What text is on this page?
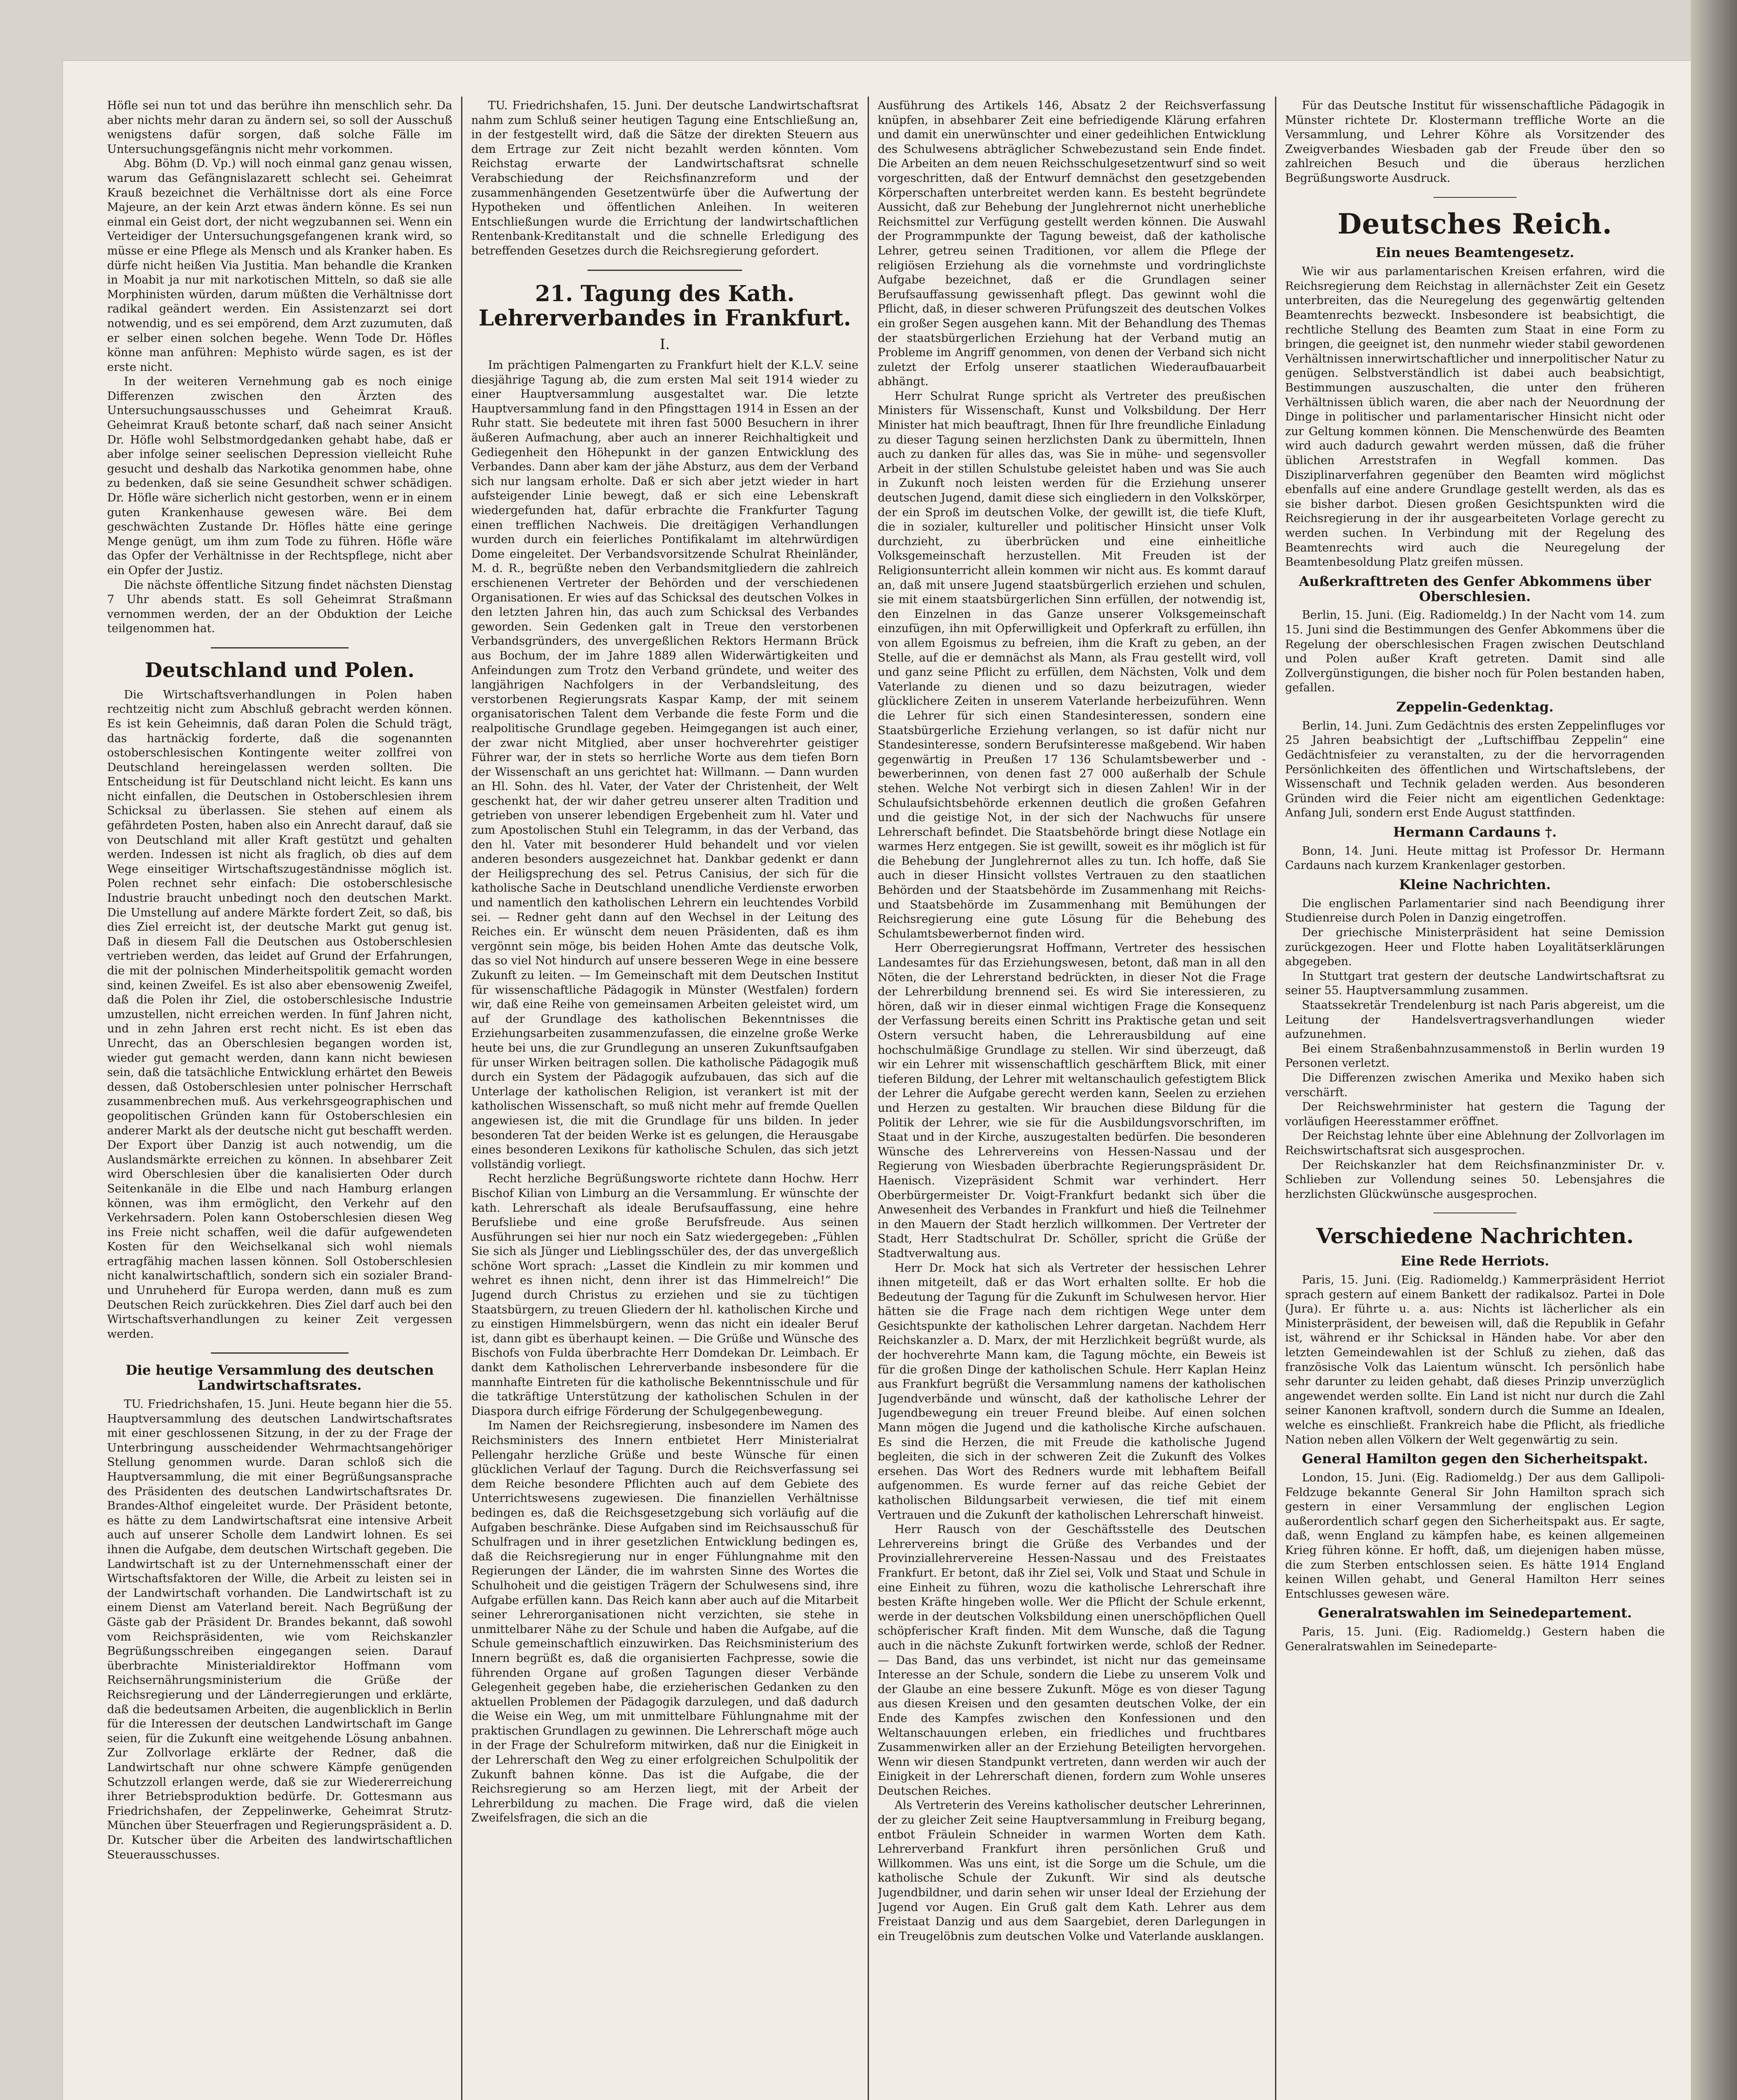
Höfle sei nun tot und das berühre ihn menschlich sehr. Da aber nichts mehr daran zu ändern sei, so soll der Ausschuß wenigstens dafür sorgen, daß solche Fälle im Untersuchungsgefängnis nicht mehr vorkommen.

Abg. Böhm (D. Vp.) will noch einmal ganz genau wissen, warum das Gefängnislazarett schlecht sei. Geheimrat Krauß bezeichnet die Verhältnisse dort als eine Force Majeure, an der kein Arzt etwas ändern könne. Es sei nun einmal ein Geist dort, der nicht wegzubannen sei. Wenn ein Verteidiger der Untersuchungsgefangenen krank wird, so müsse er eine Pflege als Mensch und als Kranker haben. Es dürfe nicht heißen Via Justitia. Man behandle die Kranken in Moabit ja nur mit narkotischen Mitteln, so daß sie alle Morphinisten würden, darum müßten die Verhältnisse dort radikal geändert werden. Ein Assistenzarzt sei dort notwendig, und es sei empörend, dem Arzt zuzumuten, daß er selber einen solchen begehe. Wenn Tode Dr. Höfles könne man anführen: Mephisto würde sagen, es ist der erste nicht.

In der weiteren Vernehmung gab es noch einige Differenzen zwischen den Ärzten des Untersuchungsausschusses und Geheimrat Krauß. Geheimrat Krauß betonte scharf, daß nach seiner Ansicht Dr. Höfle wohl Selbstmordgedanken gehabt habe, daß er aber infolge seiner seelischen Depression vielleicht Ruhe gesucht und deshalb das Narkotika genommen habe, ohne zu bedenken, daß sie seine Gesundheit schwer schädigen. Dr. Höfle wäre sicherlich nicht gestorben, wenn er in einem guten Krankenhause gewesen wäre. Bei dem geschwächten Zustande Dr. Höfles hätte eine geringe Menge genügt, um ihm zum Tode zu führen. Höfle wäre das Opfer der Verhältnisse in der Rechtspflege, nicht aber ein Opfer der Justiz.

Die nächste öffentliche Sitzung findet nächsten Dienstag 7 Uhr abends statt. Es soll Geheimrat Straßmann vernommen werden, der an der Obduktion der Leiche teilgenommen hat.

Deutschland und Polen.

Die Wirtschaftsverhandlungen in Polen haben rechtzeitig nicht zum Abschluß gebracht werden können. Es ist kein Geheimnis, daß daran Polen die Schuld trägt, das hartnäckig forderte, daß die sogenannten ostoberschlesischen Kontingente weiter zollfrei von Deutschland hereingelassen werden sollten. Die Entscheidung ist für Deutschland nicht leicht. Es kann uns nicht einfallen, die Deutschen in Ostoberschlesien ihrem Schicksal zu überlassen. Sie stehen auf einem als gefährdeten Posten, haben also ein Anrecht darauf, daß sie von Deutschland mit aller Kraft gestützt und gehalten werden. Indessen ist nicht als fraglich, ob dies auf dem Wege einseitiger Wirtschaftszugeständnisse möglich ist. Polen rechnet sehr einfach: Die ostoberschlesische Industrie braucht unbedingt noch den deutschen Markt. Die Umstellung auf andere Märkte fordert Zeit, so daß, bis dies Ziel erreicht ist, der deutsche Markt gut genug ist. Daß in diesem Fall die Deutschen aus Ostoberschlesien vertrieben werden, das leidet auf Grund der Erfahrungen, die mit der polnischen Minderheitspolitik gemacht worden sind, keinen Zweifel. Es ist also aber ebensowenig Zweifel, daß die Polen ihr Ziel, die ostoberschlesische Industrie umzustellen, nicht erreichen werden. In fünf Jahren nicht, und in zehn Jahren erst recht nicht. Es ist eben das Unrecht, das an Oberschlesien begangen worden ist, wieder gut gemacht werden, dann kann nicht bewiesen sein, daß die tatsächliche Entwicklung erhärtet den Beweis dessen, daß Ostoberschlesien unter polnischer Herrschaft zusammenbrechen muß. Aus verkehrsgeographischen und geopolitischen Gründen kann für Ostoberschlesien ein anderer Markt als der deutsche nicht gut beschafft werden. Der Export über Danzig ist auch notwendig, um die Auslandsmärkte erreichen zu können. In absehbarer Zeit wird Oberschlesien über die kanalisierten Oder durch Seitenkanäle in die Elbe und nach Hamburg erlangen können, was ihm ermöglicht, den Verkehr auf den Verkehrsadern. Polen kann Ostoberschlesien diesen Weg ins Freie nicht schaffen, weil die dafür aufgewendeten Kosten für den Weichselkanal sich wohl niemals ertragfähig machen lassen können. Soll Ostoberschlesien nicht kanalwirtschaftlich, sondern sich ein sozialer Brand- und Unruheherd für Europa werden, dann muß es zum Deutschen Reich zurückkehren. Dies Ziel darf auch bei den Wirtschaftsverhandlungen zu keiner Zeit vergessen werden.

Die heutige Versammlung des deutschen Landwirtschaftsrates.

TU. Friedrichshafen, 15. Juni. Heute begann hier die 55. Hauptversammlung des deutschen Landwirtschaftsrates mit einer geschlossenen Sitzung, in der zu der Frage der Unterbringung ausscheidender Wehrmachtsangehöriger Stellung genommen wurde. Daran schloß sich die Hauptversammlung, die mit einer Begrüßungsansprache des Präsidenten des deutschen Landwirtschaftsrates Dr. Brandes-Althof eingeleitet wurde. Der Präsident betonte, es hätte zu dem Landwirtschaftsrat eine intensive Arbeit auch auf unserer Scholle dem Landwirt lohnen. Es sei ihnen die Aufgabe, dem deutschen Wirtschaft gegeben. Die Landwirtschaft ist zu der Unternehmensschaft einer der Wirtschaftsfaktoren der Wille, die Arbeit zu leisten sei in der Landwirtschaft vorhanden. Die Landwirtschaft ist zu einem Dienst am Vaterland bereit. Nach Begrüßung der Gäste gab der Präsident Dr. Brandes bekannt, daß sowohl vom Reichspräsidenten, wie vom Reichskanzler Begrüßungsschreiben eingegangen seien. Darauf überbrachte Ministerialdirektor Hoffmann vom Reichsernährungsministerium die Grüße der Reichsregierung und der Länderregierungen und erklärte, daß die bedeutsamen Arbeiten, die augenblicklich in Berlin für die Interessen der deutschen Landwirtschaft im Gange seien, für die Zukunft eine weitgehende Lösung anbahnen. Zur Zollvorlage erklärte der Redner, daß die Landwirtschaft nur ohne schwere Kämpfe genügenden Schutzzoll erlangen werde, daß sie zur Wiedererreichung ihrer Betriebsproduktion bedürfe. Dr. Gottesmann aus Friedrichshafen, der Zeppelinwerke, Geheimrat Strutz-München über Steuerfragen und Regierungspräsident a. D. Dr. Kutscher über die Arbeiten des landwirtschaftlichen Steuerausschusses.

TU. Friedrichshafen, 15. Juni. Der deutsche Landwirtschaftsrat nahm zum Schluß seiner heutigen Tagung eine Entschließung an, in der festgestellt wird, daß die Sätze der direkten Steuern aus dem Ertrage zur Zeit nicht bezahlt werden könnten. Vom Reichstag erwarte der Landwirtschaftsrat schnelle Verabschiedung der Reichsfinanzreform und der zusammenhängenden Gesetzentwürfe über die Aufwertung der Hypotheken und öffentlichen Anleihen. In weiteren Entschließungen wurde die Errichtung der landwirtschaftlichen Rentenbank-Kreditanstalt und die schnelle Erledigung des betreffenden Gesetzes durch die Reichsregierung gefordert.

21. Tagung des Kath. Lehrerverbandes in Frankfurt.
I.

Im prächtigen Palmengarten zu Frankfurt hielt der K.L.V. seine diesjährige Tagung ab, die zum ersten Mal seit 1914 wieder zu einer Hauptversammlung ausgestaltet war. Die letzte Hauptversammlung fand in den Pfingsttagen 1914 in Essen an der Ruhr statt. Sie bedeutete mit ihren fast 5000 Besuchern in ihrer äußeren Aufmachung, aber auch an innerer Reichhaltigkeit und Gediegenheit den Höhepunkt in der ganzen Entwicklung des Verbandes. Dann aber kam der jähe Absturz, aus dem der Verband sich nur langsam erholte. Daß er sich aber jetzt wieder in hart aufsteigender Linie bewegt, daß er sich eine Lebenskraft wiedergefunden hat, dafür erbrachte die Frankfurter Tagung einen trefflichen Nachweis. Die dreitägigen Verhandlungen wurden durch ein feierliches Pontifikalamt im altehrwürdigen Dome eingeleitet. Der Verbandsvorsitzende Schulrat Rheinländer, M. d. R., begrüßte neben den Verbandsmitgliedern die zahlreich erschienenen Vertreter der Behörden und der verschiedenen Organisationen. Er wies auf das Schicksal des deutschen Volkes in den letzten Jahren hin, das auch zum Schicksal des Verbandes geworden. Sein Gedenken galt in Treue den verstorbenen Verbandsgründers, des unvergeßlichen Rektors Hermann Brück aus Bochum, der im Jahre 1889 allen Widerwärtigkeiten und Anfeindungen zum Trotz den Verband gründete, und weiter des langjährigen Nachfolgers in der Verbandsleitung, des verstorbenen Regierungsrats Kaspar Kamp, der mit seinem organisatorischen Talent dem Verbande die feste Form und die realpolitische Grundlage gegeben. Heimgegangen ist auch einer, der zwar nicht Mitglied, aber unser hochverehrter geistiger Führer war, der in stets so herrliche Worte aus dem tiefen Born der Wissenschaft an uns gerichtet hat: Willmann. — Dann wurden an Hl. Sohn. des hl. Vater, der Vater der Christenheit, der Welt geschenkt hat, der wir daher getreu unserer alten Tradition und getrieben von unserer lebendigen Ergebenheit zum hl. Vater und zum Apostolischen Stuhl ein Telegramm, in das der Verband, das den hl. Vater mit besonderer Huld behandelt und vor vielen anderen besonders ausgezeichnet hat. Dankbar gedenkt er dann der Heiligsprechung des sel. Petrus Canisius, der sich für die katholische Sache in Deutschland unendliche Verdienste erworben und namentlich den katholischen Lehrern ein leuchtendes Vorbild sei. — Redner geht dann auf den Wechsel in der Leitung des Reiches ein. Er wünscht dem neuen Präsidenten, daß es ihm vergönnt sein möge, bis beiden Hohen Amte das deutsche Volk, das so viel Not hindurch auf unsere besseren Wege in eine bessere Zukunft zu leiten. — Im Gemeinschaft mit dem Deutschen Institut für wissenschaftliche Pädagogik in Münster (Westfalen) fordern wir, daß eine Reihe von gemeinsamen Arbeiten geleistet wird, um auf der Grundlage des katholischen Bekenntnisses die Erziehungsarbeiten zusammenzufassen, die einzelne große Werke heute bei uns, die zur Grundlegung an unseren Zukunftsaufgaben für unser Wirken beitragen sollen. Die katholische Pädagogik muß durch ein System der Pädagogik aufzubauen, das sich auf die Unterlage der katholischen Religion, ist verankert ist mit der katholischen Wissenschaft, so muß nicht mehr auf fremde Quellen angewiesen ist, die mit die Grundlage für uns bilden. In jeder besonderen Tat der beiden Werke ist es gelungen, die Herausgabe eines besonderen Lexikons für katholische Schulen, das sich jetzt vollständig vorliegt.

Recht herzliche Begrüßungsworte richtete dann Hochw. Herr Bischof Kilian von Limburg an die Versammlung. Er wünschte der kath. Lehrerschaft als ideale Berufsauffassung, eine hehre Berufsliebe und eine große Berufsfreude. Aus seinen Ausführungen sei hier nur noch ein Satz wiedergegeben: „Fühlen Sie sich als Jünger und Lieblingsschüler des, der das unvergeßlich schöne Wort sprach: „Lasset die Kindlein zu mir kommen und wehret es ihnen nicht, denn ihrer ist das Himmelreich!“ Die Jugend durch Christus zu erziehen und sie zu tüchtigen Staatsbürgern, zu treuen Gliedern der hl. katholischen Kirche und zu einstigen Himmelsbürgern, wenn das nicht ein idealer Beruf ist, dann gibt es überhaupt keinen. — Die Grüße und Wünsche des Bischofs von Fulda überbrachte Herr Domdekan Dr. Leimbach. Er dankt dem Katholischen Lehrerverbande insbesondere für die mannhafte Eintreten für die katholische Bekenntnisschule und für die tatkräftige Unterstützung der katholischen Schulen in der Diaspora durch eifrige Förderung der Schulgegenbewegung.

Im Namen der Reichsregierung, insbesondere im Namen des Reichsministers des Innern entbietet Herr Ministerialrat Pellengahr herzliche Grüße und beste Wünsche für einen glücklichen Verlauf der Tagung. Durch die Reichsverfassung sei dem Reiche besondere Pflichten auch auf dem Gebiete des Unterrichtswesens zugewiesen. Die finanziellen Verhältnisse bedingen es, daß die Reichsgesetzgebung sich vorläufig auf die Aufgaben beschränke. Diese Aufgaben sind im Reichsausschuß für Schulfragen und in ihrer gesetzlichen Entwicklung bedingen es, daß die Reichsregierung nur in enger Fühlungnahme mit den Regierungen der Länder, die im wahrsten Sinne des Wortes die Schulhoheit und die geistigen Trägern der Schulwesens sind, ihre Aufgabe erfüllen kann. Das Reich kann aber auch auf die Mitarbeit seiner Lehrerorganisationen nicht verzichten, sie stehe in unmittelbarer Nähe zu der Schule und haben die Aufgabe, auf die Schule gemeinschaftlich einzuwirken. Das Reichsministerium des Innern begrüßt es, daß die organisierten Fachpresse, sowie die führenden Organe auf großen Tagungen dieser Verbände Gelegenheit gegeben habe, die erzieherischen Gedanken zu den aktuellen Problemen der Pädagogik darzulegen, und daß dadurch die Weise ein Weg, um mit unmittelbare Fühlungnahme mit der praktischen Grundlagen zu gewinnen. Die Lehrerschaft möge auch in der Frage der Schulreform mitwirken, daß nur die Einigkeit in der Lehrerschaft den Weg zu einer erfolgreichen Schulpolitik der Zukunft bahnen könne. Das ist die Aufgabe, die der Reichsregierung so am Herzen liegt, mit der Arbeit der Lehrerbildung zu machen. Die Frage wird, daß die vielen Zweifelsfragen, die sich an die

Ausführung des Artikels 146, Absatz 2 der Reichsverfassung knüpfen, in absehbarer Zeit eine befriedigende Klärung erfahren und damit ein unerwünschter und einer gedeihlichen Entwicklung des Schulwesens abträglicher Schwebezustand sein Ende findet. Die Arbeiten an dem neuen Reichsschulgesetzentwurf sind so weit vorgeschritten, daß der Entwurf demnächst den gesetzgebenden Körperschaften unterbreitet werden kann. Es besteht begründete Aussicht, daß zur Behebung der Junglehrernot nicht unerhebliche Reichsmittel zur Verfügung gestellt werden können. Die Auswahl der Programmpunkte der Tagung beweist, daß der katholische Lehrer, getreu seinen Traditionen, vor allem die Pflege der religiösen Erziehung als die vornehmste und vordringlichste Aufgabe bezeichnet, daß er die Grundlagen seiner Berufsauffassung gewissenhaft pflegt. Das gewinnt wohl die Pflicht, daß, in dieser schweren Prüfungszeit des deutschen Volkes ein großer Segen ausgehen kann. Mit der Behandlung des Themas der staatsbürgerlichen Erziehung hat der Verband mutig an Probleme im Angriff genommen, von denen der Verband sich nicht zuletzt der Erfolg unserer staatlichen Wiederaufbauarbeit abhängt.

Herr Schulrat Runge spricht als Vertreter des preußischen Ministers für Wissenschaft, Kunst und Volksbildung. Der Herr Minister hat mich beauftragt, Ihnen für Ihre freundliche Einladung zu dieser Tagung seinen herzlichsten Dank zu übermitteln, Ihnen auch zu danken für alles das, was Sie in mühe- und segensvoller Arbeit in der stillen Schulstube geleistet haben und was Sie auch in Zukunft noch leisten werden für die Erziehung unserer deutschen Jugend, damit diese sich eingliedern in den Volkskörper, der ein Sproß im deutschen Volke, der gewillt ist, die tiefe Kluft, die in sozialer, kultureller und politischer Hinsicht unser Volk durchzieht, zu überbrücken und eine einheitliche Volksgemeinschaft herzustellen. Mit Freuden ist der Religionsunterricht allein kommen wir nicht aus. Es kommt darauf an, daß mit unsere Jugend staatsbürgerlich erziehen und schulen, sie mit einem staatsbürgerlichen Sinn erfüllen, der notwendig ist, den Einzelnen in das Ganze unserer Volksgemeinschaft einzufügen, ihn mit Opferwilligkeit und Opferkraft zu erfüllen, ihn von allem Egoismus zu befreien, ihm die Kraft zu geben, an der Stelle, auf die er demnächst als Mann, als Frau gestellt wird, voll und ganz seine Pflicht zu erfüllen, dem Nächsten, Volk und dem Vaterlande zu dienen und so dazu beizutragen, wieder glücklichere Zeiten in unserem Vaterlande herbeizuführen. Wenn die Lehrer für sich einen Standesinteressen, sondern eine Staatsbürgerliche Erziehung verlangen, so ist dafür nicht nur Standesinteresse, sondern Berufsinteresse maßgebend. Wir haben gegenwärtig in Preußen 17 136 Schulamtsbewerber und -bewerberinnen, von denen fast 27 000 außerhalb der Schule stehen. Welche Not verbirgt sich in diesen Zahlen! Wir in der Schulaufsichtsbehörde erkennen deutlich die großen Gefahren und die geistige Not, in der sich der Nachwuchs für unsere Lehrerschaft befindet. Die Staatsbehörde bringt diese Notlage ein warmes Herz entgegen. Sie ist gewillt, soweit es ihr möglich ist für die Behebung der Junglehrernot alles zu tun. Ich hoffe, daß Sie auch in dieser Hinsicht vollstes Vertrauen zu den staatlichen Behörden und der Staatsbehörde im Zusammenhang mit Reichs- und Staatsbehörde im Zusammenhang mit Bemühungen der Reichsregierung eine gute Lösung für die Behebung des Schulamtsbewerbernot finden wird.

Herr Oberregierungsrat Hoffmann, Vertreter des hessischen Landesamtes für das Erziehungswesen, betont, daß man in all den Nöten, die der Lehrerstand bedrückten, in dieser Not die Frage der Lehrerbildung brennend sei. Es wird Sie interessieren, zu hören, daß wir in dieser einmal wichtigen Frage die Konsequenz der Verfassung bereits einen Schritt ins Praktische getan und seit Ostern versucht haben, die Lehrerausbildung auf eine hochschulmäßige Grundlage zu stellen. Wir sind überzeugt, daß wir ein Lehrer mit wissenschaftlich geschärftem Blick, mit einer tieferen Bildung, der Lehrer mit weltanschaulich gefestigtem Blick der Lehrer die Aufgabe gerecht werden kann, Seelen zu erziehen und Herzen zu gestalten. Wir brauchen diese Bildung für die Politik der Lehrer, wie sie für die Ausbildungsvorschriften, im Staat und in der Kirche, auszugestalten bedürfen. Die besonderen Wünsche des Lehrervereins von Hessen-Nassau und der Regierung von Wiesbaden überbrachte Regierungspräsident Dr. Haenisch. Vizepräsident Schmit war verhindert. Herr Oberbürgermeister Dr. Voigt-Frankfurt bedankt sich über die Anwesenheit des Verbandes in Frankfurt und hieß die Teilnehmer in den Mauern der Stadt herzlich willkommen. Der Vertreter der Stadt, Herr Stadtschulrat Dr. Schöller, spricht die Grüße der Stadtverwaltung aus.

Herr Dr. Mock hat sich als Vertreter der hessischen Lehrer ihnen mitgeteilt, daß er das Wort erhalten sollte. Er hob die Bedeutung der Tagung für die Zukunft im Schulwesen hervor. Hier hätten sie die Frage nach dem richtigen Wege unter dem Gesichtspunkte der katholischen Lehrer dargetan. Nachdem Herr Reichskanzler a. D. Marx, der mit Herzlichkeit begrüßt wurde, als der hochverehrte Mann kam, die Tagung möchte, ein Beweis ist für die großen Dinge der katholischen Schule. Herr Kaplan Heinz aus Frankfurt begrüßt die Versammlung namens der katholischen Jugendverbände und wünscht, daß der katholische Lehrer der Jugendbewegung ein treuer Freund bleibe. Auf einen solchen Mann mögen die Jugend und die katholische Kirche aufschauen. Es sind die Herzen, die mit Freude die katholische Jugend begleiten, die sich in der schweren Zeit die Zukunft des Volkes ersehen. Das Wort des Redners wurde mit lebhaftem Beifall aufgenommen. Es wurde ferner auf das reiche Gebiet der katholischen Bildungsarbeit verwiesen, die tief mit einem Vertrauen und die Zukunft der katholischen Lehrerschaft hinweist.

Herr Rausch von der Geschäftsstelle des Deutschen Lehrervereins bringt die Grüße des Verbandes und der Provinziallehrervereine Hessen-Nassau und des Freistaates Frankfurt. Er betont, daß ihr Ziel sei, Volk und Staat und Schule in eine Einheit zu führen, wozu die katholische Lehrerschaft ihre besten Kräfte hingeben wolle. Wer die Pflicht der Schule erkennt, werde in der deutschen Volksbildung einen unerschöpflichen Quell schöpferischer Kraft finden. Mit dem Wunsche, daß die Tagung auch in die nächste Zukunft fortwirken werde, schloß der Redner. — Das Band, das uns verbindet, ist nicht nur das gemeinsame Interesse an der Schule, sondern die Liebe zu unserem Volk und der Glaube an eine bessere Zukunft. Möge es von dieser Tagung aus diesen Kreisen und den gesamten deutschen Volke, der ein Ende des Kampfes zwischen den Konfessionen und den Weltanschauungen erleben, ein friedliches und fruchtbares Zusammenwirken aller an der Erziehung Beteiligten hervorgehen. Wenn wir diesen Standpunkt vertreten, dann werden wir auch der Einigkeit in der Lehrerschaft dienen, fordern zum Wohle unseres Deutschen Reiches.

Als Vertreterin des Vereins katholischer deutscher Lehrerinnen, der zu gleicher Zeit seine Hauptversammlung in Freiburg begang, entbot Fräulein Schneider in warmen Worten dem Kath. Lehrerverband Frankfurt ihren persönlichen Gruß und Willkommen. Was uns eint, ist die Sorge um die Schule, um die katholische Schule der Zukunft. Wir sind als deutsche Jugendbildner, und darin sehen wir unser Ideal der Erziehung der Jugend vor Augen. Ein Gruß galt dem Kath. Lehrer aus dem Freistaat Danzig und aus dem Saargebiet, deren Darlegungen in ein Treugelöbnis zum deutschen Volke und Vaterlande ausklangen.

Für das Deutsche Institut für wissenschaftliche Pädagogik in Münster richtete Dr. Klostermann treffliche Worte an die Versammlung, und Lehrer Köhre als Vorsitzender des Zweigverbandes Wiesbaden gab der Freude über den so zahlreichen Besuch und die überaus herzlichen Begrüßungsworte Ausdruck.

Deutsches Reich.
Ein neues Beamtengesetz.

Wie wir aus parlamentarischen Kreisen erfahren, wird die Reichsregierung dem Reichstag in allernächster Zeit ein Gesetz unterbreiten, das die Neuregelung des gegenwärtig geltenden Beamtenrechts bezweckt. Insbesondere ist beabsichtigt, die rechtliche Stellung des Beamten zum Staat in eine Form zu bringen, die geeignet ist, den nunmehr wieder stabil gewordenen Verhältnissen innerwirtschaftlicher und innerpolitischer Natur zu genügen. Selbstverständlich ist dabei auch beabsichtigt, Bestimmungen auszuschalten, die unter den früheren Verhältnissen üblich waren, die aber nach der Neuordnung der Dinge in politischer und parlamentarischer Hinsicht nicht oder zur Geltung kommen können. Die Menschenwürde des Beamten wird auch dadurch gewahrt werden müssen, daß die früher üblichen Arreststrafen in Wegfall kommen. Das Disziplinarverfahren gegenüber den Beamten wird möglichst ebenfalls auf eine andere Grundlage gestellt werden, als das es sie bisher darbot. Diesen großen Gesichtspunkten wird die Reichsregierung in der ihr ausgearbeiteten Vorlage gerecht zu werden suchen. In Verbindung mit der Regelung des Beamtenrechts wird auch die Neuregelung der Beamtenbesoldung Platz greifen müssen.

Außerkrafttreten des Genfer Abkommens über Oberschlesien.

Berlin, 15. Juni. (Eig. Radiomeldg.) In der Nacht vom 14. zum 15. Juni sind die Bestimmungen des Genfer Abkommens über die Regelung der oberschlesischen Fragen zwischen Deutschland und Polen außer Kraft getreten. Damit sind alle Zollvergünstigungen, die bisher noch für Polen bestanden haben, gefallen.

Zeppelin-Gedenktag.

Berlin, 14. Juni. Zum Gedächtnis des ersten Zeppelinfluges vor 25 Jahren beabsichtigt der „Luftschiffbau Zeppelin“ eine Gedächtnisfeier zu veranstalten, zu der die hervorragenden Persönlichkeiten des öffentlichen und Wirtschaftslebens, der Wissenschaft und Technik geladen werden. Aus besonderen Gründen wird die Feier nicht am eigentlichen Gedenktage: Anfang Juli, sondern erst Ende August stattfinden.

Hermann Cardauns †.

Bonn, 14. Juni. Heute mittag ist Professor Dr. Hermann Cardauns nach kurzem Krankenlager gestorben.

Kleine Nachrichten.

Die englischen Parlamentarier sind nach Beendigung ihrer Studienreise durch Polen in Danzig eingetroffen.

Der griechische Ministerpräsident hat seine Demission zurückgezogen. Heer und Flotte haben Loyalitätserklärungen abgegeben.

In Stuttgart trat gestern der deutsche Landwirtschaftsrat zu seiner 55. Hauptversammlung zusammen.

Staatssekretär Trendelenburg ist nach Paris abgereist, um die Leitung der Handelsvertragsverhandlungen wieder aufzunehmen.

Bei einem Straßenbahnzusammenstoß in Berlin wurden 19 Personen verletzt.

Die Differenzen zwischen Amerika und Mexiko haben sich verschärft.

Der Reichswehrminister hat gestern die Tagung der vorläufigen Heeresstammer eröffnet.

Der Reichstag lehnte über eine Ablehnung der Zollvorlagen im Reichswirtschaftsrat sich ausgesprochen.

Der Reichskanzler hat dem Reichsfinanzminister Dr. v. Schlieben zur Vollendung seines 50. Lebensjahres die herzlichsten Glückwünsche ausgesprochen.

Verschiedene Nachrichten.
Eine Rede Herriots.

Paris, 15. Juni. (Eig. Radiomeldg.) Kammerpräsident Herriot sprach gestern auf einem Bankett der radikalsoz. Partei in Dole (Jura). Er führte u. a. aus: Nichts ist lächerlicher als ein Ministerpräsident, der beweisen will, daß die Republik in Gefahr ist, während er ihr Schicksal in Händen habe. Vor aber den letzten Gemeindewahlen ist der Schluß zu ziehen, daß das französische Volk das Laientum wünscht. Ich persönlich habe sehr darunter zu leiden gehabt, daß dieses Prinzip unverzüglich angewendet werden sollte. Ein Land ist nicht nur durch die Zahl seiner Kanonen kraftvoll, sondern durch die Summe an Idealen, welche es einschließt. Frankreich habe die Pflicht, als friedliche Nation neben allen Völkern der Welt gegenwärtig zu sein.

General Hamilton gegen den Sicherheitspakt.

London, 15. Juni. (Eig. Radiomeldg.) Der aus dem Gallipoli-Feldzuge bekannte General Sir John Hamilton sprach sich gestern in einer Versammlung der englischen Legion außerordentlich scharf gegen den Sicherheitspakt aus. Er sagte, daß, wenn England zu kämpfen habe, es keinen allgemeinen Krieg führen könne. Er hofft, daß, um diejenigen haben müsse, die zum Sterben entschlossen seien. Es hätte 1914 England keinen Willen gehabt, und General Hamilton Herr seines Entschlusses gewesen wäre.

Generalratswahlen im Seinedepartement.

Paris, 15. Juni. (Eig. Radiomeldg.) Gestern haben die Generalratswahlen im Seinedeparte-
